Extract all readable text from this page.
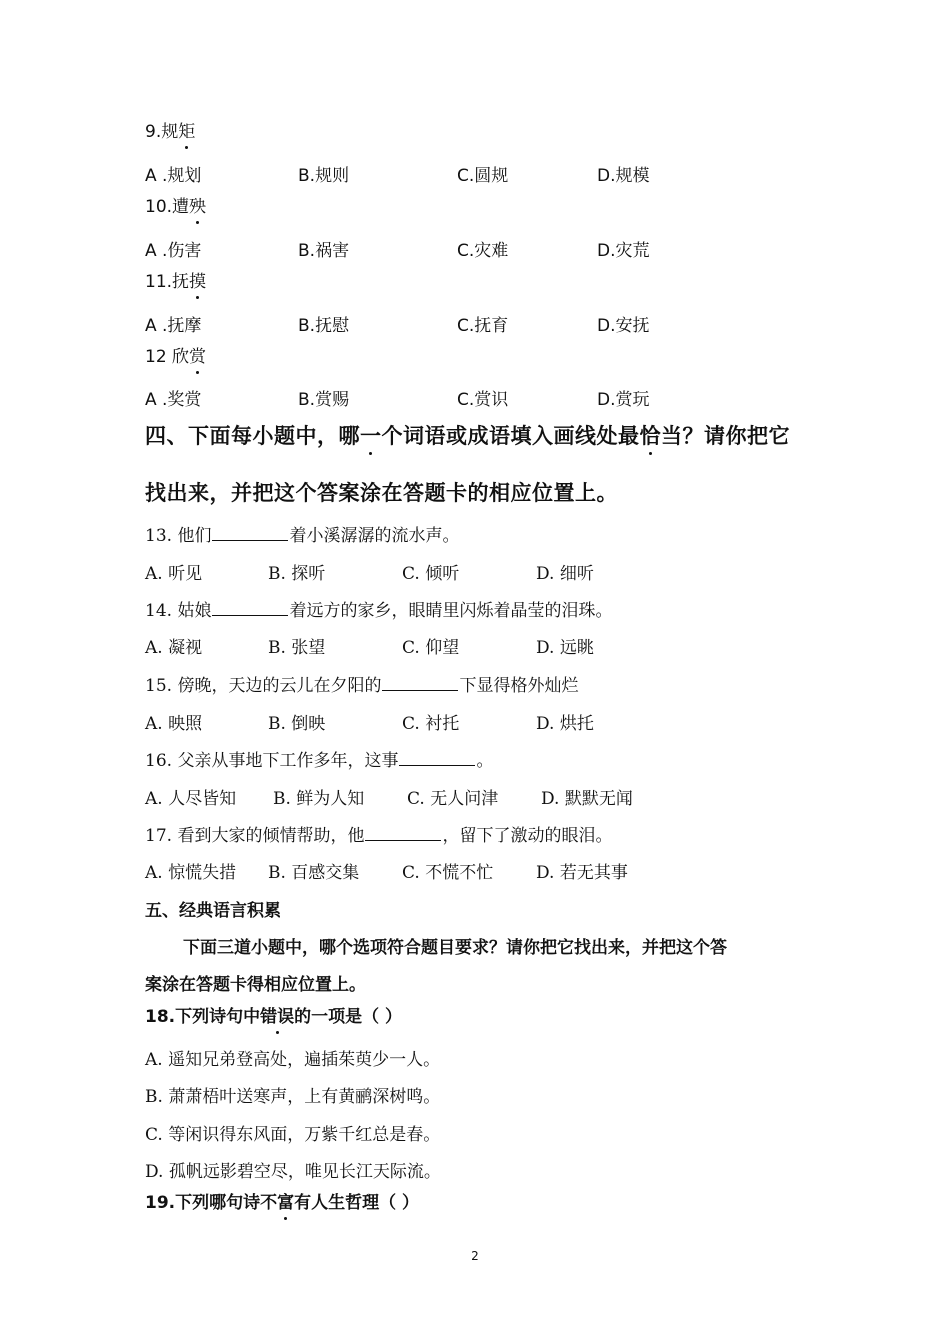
9.规矩
A .规划	B.规则	C.圆规	D.规模
10.遭殃
A .伤害	B.祸害	C.灾难	D.灾荒
11.抚摸
A .抚摩	B.抚慰	C.抚育	D.安抚
12 欣赏
A .奖赏	B.赏赐	C.赏识	D.赏玩
四、下面每小题中，哪一个词语或成语填入画线处最恰当？请你把它
找出来，并把这个答案涂在答题卡的相应位置上。
13. 他们	着小溪潺潺的流水声。
A. 听见	B. 探听	C. 倾听	D. 细听
14. 姑娘	着远方的家乡，眼睛里闪烁着晶莹的泪珠。
A. 凝视	B. 张望	C. 仰望	D. 远眺
15. 傍晚，天边的云儿在夕阳的	下显得格外灿烂
A. 映照	B. 倒映	C. 衬托	D. 烘托
16. 父亲从事地下工作多年，这事	。
A. 人尽皆知	B. 鲜为人知	C. 无人问津	D. 默默无闻
17. 看到大家的倾情帮助，他	，留下了激动的眼泪。
A. 惊慌失措	B. 百感交集	C. 不慌不忙	D. 若无其事
五、经典语言积累
下面三道小题中，哪个选项符合题目要求？请你把它找出来，并把这个答
案涂在答题卡得相应位置上。
18.下列诗句中错误的一项是（ ）
A. 遥知兄弟登高处，遍插茱萸少一人。
B. 萧萧梧叶送寒声，上有黄鹂深树鸣。
C. 等闲识得东风面，万紫千红总是春。
D. 孤帆远影碧空尽，唯见长江天际流。
19.下列哪句诗不富有人生哲理（ ）
2
